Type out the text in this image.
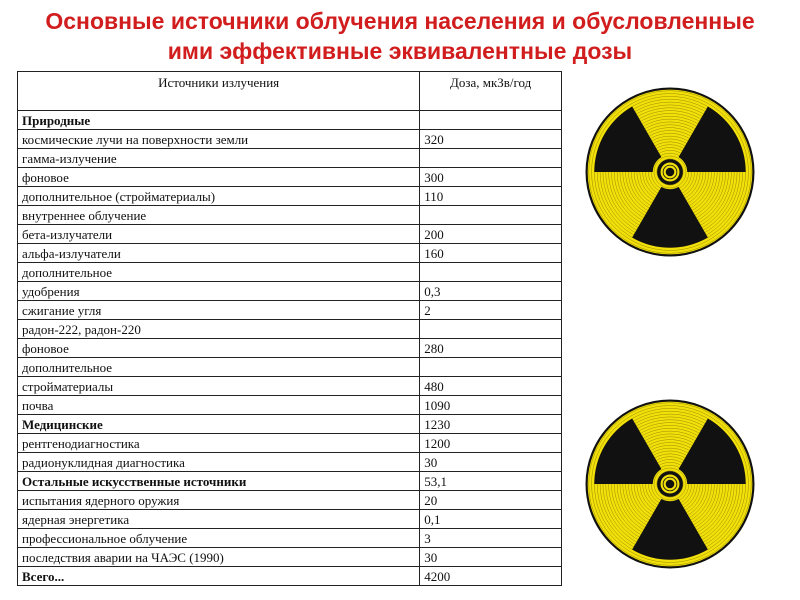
Основные источники облучения населения и обусловленные
ими эффективные эквивалентные дозы
Источники излучения	Доза, мкЗв/год
Природные	
космические лучи на поверхности земли	320
гамма-излучение	
фоновое	300
дополнительное (стройматериалы)	110
внутреннее облучение	
бета-излучатели	200
альфа-излучатели	160
дополнительное	
удобрения	0,3
сжигание угля	2
радон-222, радон-220	
фоновое	280
дополнительное	
стройматериалы	480
почва	1090
Медицинские	1230
рентгенодиагностика	1200
радионуклидная диагностика	30
Остальные искусственные источники	53,1
испытания ядерного оружия	20
ядерная энергетика	0,1
профессиональное облучение	3
последствия аварии на ЧАЭС (1990)	30
Всего...	4200
